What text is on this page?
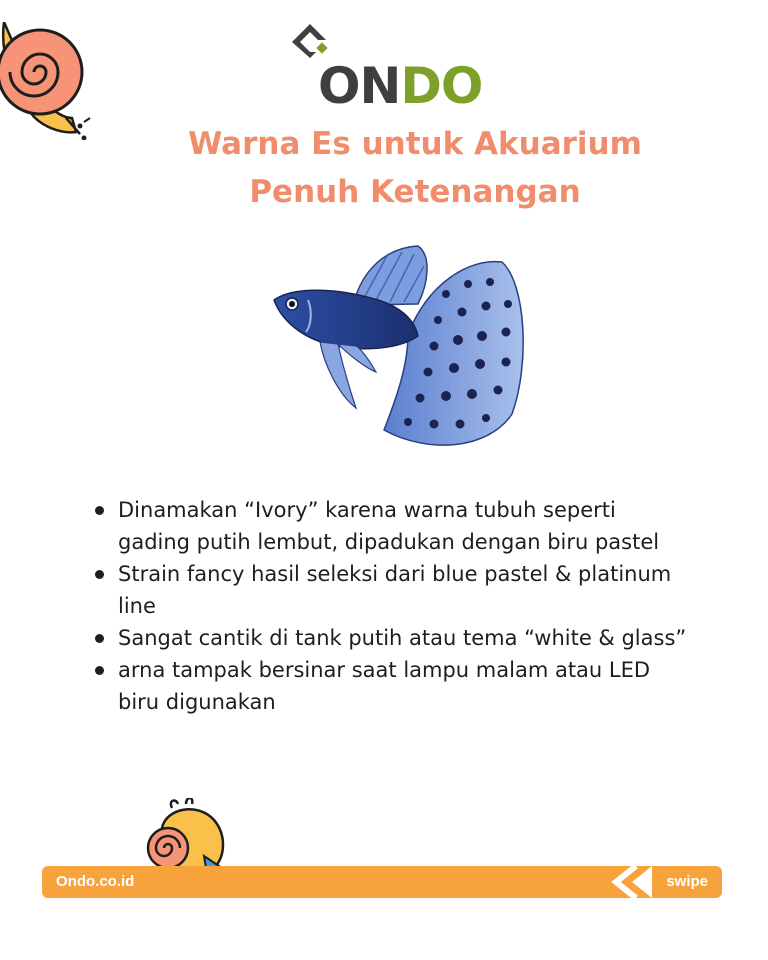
ONDO
Warna Es untuk Akuarium
Penuh Ketenangan
Dinamakan “Ivory” karena warna tubuh seperti gading putih lembut, dipadukan dengan biru pastel
Strain fancy hasil seleksi dari blue pastel & platinum line
Sangat cantik di tank putih atau tema “white & glass”
arna tampak bersinar saat lampu malam atau LED biru digunakan
Ondo.co.id	swipe
